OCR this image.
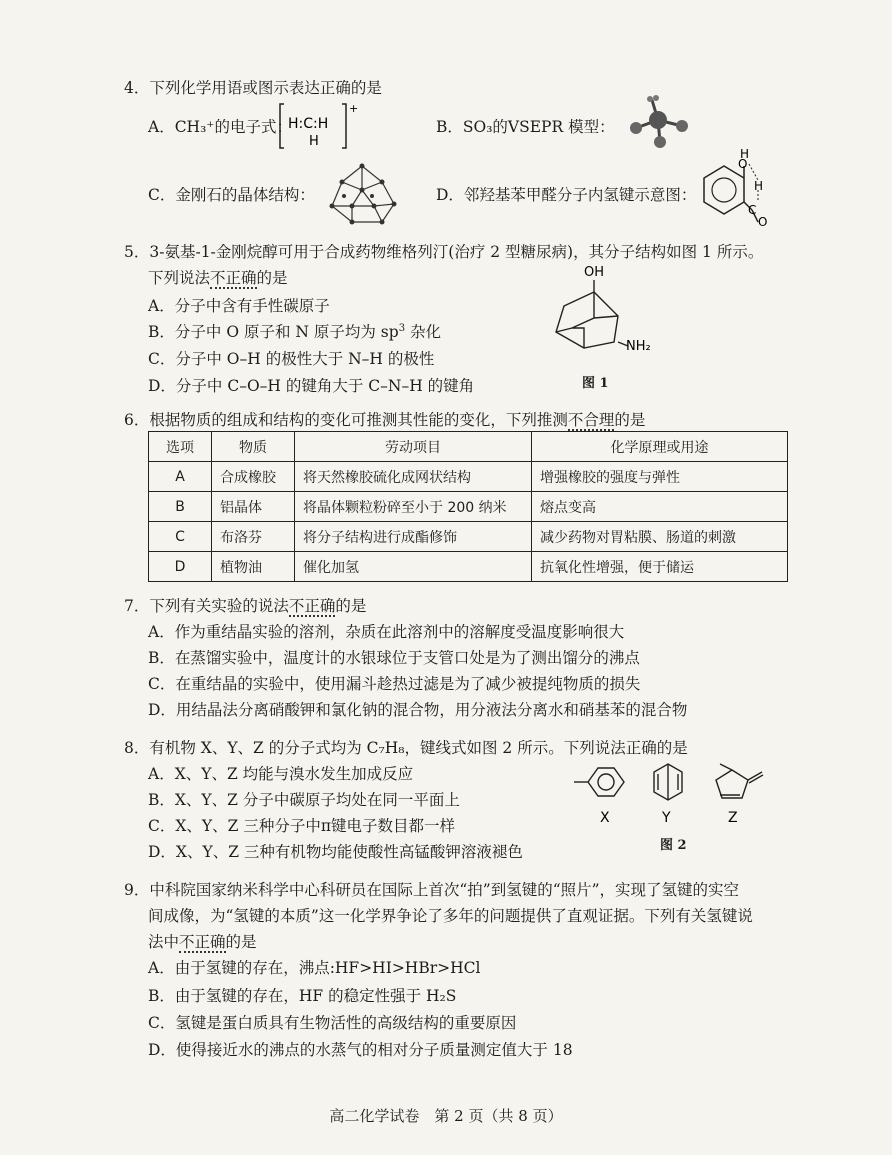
4．下列化学用语或图示表达正确的是
A．CH₃⁺的电子式：
H:C:H
H
+
B．SO₃的VSEPR 模型：
C．金刚石的晶体结构：	D．邻羟基苯甲醛分子内氢键示意图：
H
O
H
C
O
5．3-氨基-1-金刚烷醇可用于合成药物维格列汀(治疗 2 型糖尿病)，其分子结构如图 1 所示。
下列说法不正确的是
A．分子中含有手性碳原子
B．分子中 O 原子和 N 原子均为 $sp^3$ 杂化
C．分子中 O–H 的极性大于 N–H 的极性
D．分子中 C–O–H 的键角大于 C–N–H 的键角
OH
NH₂
图 1
6．根据物质的组成和结构的变化可推测其性能的变化，下列推测不合理的是
选项	物质	劳动项目	化学原理或用途
A	合成橡胶	将天然橡胶硫化成网状结构	增强橡胶的强度与弹性
B	铝晶体	将晶体颗粒粉碎至小于 200 纳米	熔点变高
C	布洛芬	将分子结构进行成酯修饰	减少药物对胃粘膜、肠道的刺激
D	植物油	催化加氢	抗氧化性增强，便于储运
7．下列有关实验的说法不正确的是
A．作为重结晶实验的溶剂，杂质在此溶剂中的溶解度受温度影响很大
B．在蒸馏实验中，温度计的水银球位于支管口处是为了测出馏分的沸点
C．在重结晶的实验中，使用漏斗趁热过滤是为了减少被提纯物质的损失
D．用结晶法分离硝酸钾和氯化钠的混合物，用分液法分离水和硝基苯的混合物
8．有机物 X、Y、Z 的分子式均为 C₇H₈，键线式如图 2 所示。下列说法正确的是
A．X、Y、Z 均能与溴水发生加成反应
B．X、Y、Z 分子中碳原子均处在同一平面上
C．X、Y、Z 三种分子中π键电子数目都一样
D．X、Y、Z 三种有机物均能使酸性高锰酸钾溶液褪色
X	Y	Z
图 2
9．中科院国家纳米科学中心科研员在国际上首次“拍”到氢键的“照片”，实现了氢键的实空
间成像，为“氢键的本质”这一化学界争论了多年的问题提供了直观证据。下列有关氢键说
法中不正确的是
A．由于氢键的存在，沸点:HF>HI>HBr>HCl
B．由于氢键的存在，HF 的稳定性强于 H₂S
C．氢键是蛋白质具有生物活性的高级结构的重要原因
D．使得接近水的沸点的水蒸气的相对分子质量测定值大于 18
高二化学试卷　第 2 页（共 8 页）
